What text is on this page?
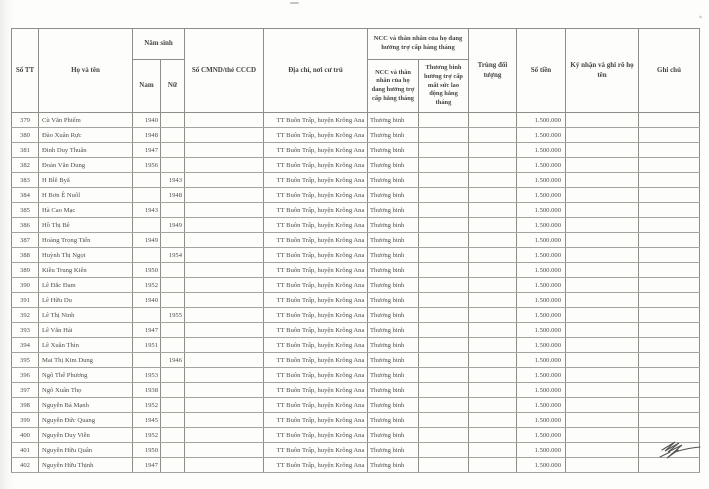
Số TT	Họ và tên	Năm sinh		Số CMND/thẻ CCCD	Địa chỉ, nơi cư trú	NCC và thân nhân của họ đang hưởng trợ cấp hàng tháng		Trùng đối tượng	Số tiền	Ký nhận và ghi rõ họ tên	Ghi chú
		Nam	Nữ			NCC và thân nhân của họ đang hưởng trợ cấp hằng tháng	Thương binh hưởng trợ cấp mất sức lao động hằng tháng				
379	Cù Văn Phiếm	1940			TT Buôn Trấp, huyện Krông Ana	Thương binh			1.500.000		
380	Đào Xuân Rực	1948			TT Buôn Trấp, huyện Krông Ana	Thương binh			1.500.000		
381	Đinh Duy Thuân	1947			TT Buôn Trấp, huyện Krông Ana	Thương binh			1.500.000		
382	Đoàn Văn Dung	1956			TT Buôn Trấp, huyện Krông Ana	Thương binh			1.500.000		
383	H Blê Byă		1943		TT Buôn Trấp, huyện Krông Ana	Thương binh			1.500.000		
384	H Bơn Ê Nuôl		1948		TT Buôn Trấp, huyện Krông Ana	Thương binh			1.500.000		
385	Hà Cao Mạc	1943			TT Buôn Trấp, huyện Krông Ana	Thương binh			1.500.000		
386	Hồ Thị Bê		1949		TT Buôn Trấp, huyện Krông Ana	Thương binh			1.500.000		
387	Hoàng Trọng Tiến	1949			TT Buôn Trấp, huyện Krông Ana	Thương binh			1.500.000		
388	Huỳnh Thị Ngọt		1954		TT Buôn Trấp, huyện Krông Ana	Thương binh			1.500.000		
389	Kiều Trung Kiên	1950			TT Buôn Trấp, huyện Krông Ana	Thương binh			1.500.000		
390	Lê Đắc Đam	1952			TT Buôn Trấp, huyện Krông Ana	Thương binh			1.500.000		
391	Lê Hữu Du	1940			TT Buôn Trấp, huyện Krông Ana	Thương binh			1.500.000		
392	Lê Thị Ninh		1955		TT Buôn Trấp, huyện Krông Ana	Thương binh			1.500.000		
393	Lê Văn Hải	1947			TT Buôn Trấp, huyện Krông Ana	Thương binh			1.500.000		
394	Lê Xuân Thìn	1951			TT Buôn Trấp, huyện Krông Ana	Thương binh			1.500.000		
395	Mai Thị Kim Dung		1946		TT Buôn Trấp, huyện Krông Ana	Thương binh			1.500.000		
396	Ngô Thế Phương	1953			TT Buôn Trấp, huyện Krông Ana	Thương binh			1.500.000		
397	Ngô Xuân Thọ	1938			TT Buôn Trấp, huyện Krông Ana	Thương binh			1.500.000		
398	Nguyễn Bá Mạnh	1952			TT Buôn Trấp, huyện Krông Ana	Thương binh			1.500.000		
399	Nguyễn Đức Quang	1945			TT Buôn Trấp, huyện Krông Ana	Thương binh			1.500.000		
400	Nguyễn Duy Viễn	1952			TT Buôn Trấp, huyện Krông Ana	Thương binh			1.500.000		
401	Nguyễn Hữu Quân	1950			TT Buôn Trấp, huyện Krông Ana	Thương binh			1.500.000		
402	Nguyễn Hữu Thịnh	1947			TT Buôn Trấp, huyện Krông Ana	Thương binh			1.500.000		
